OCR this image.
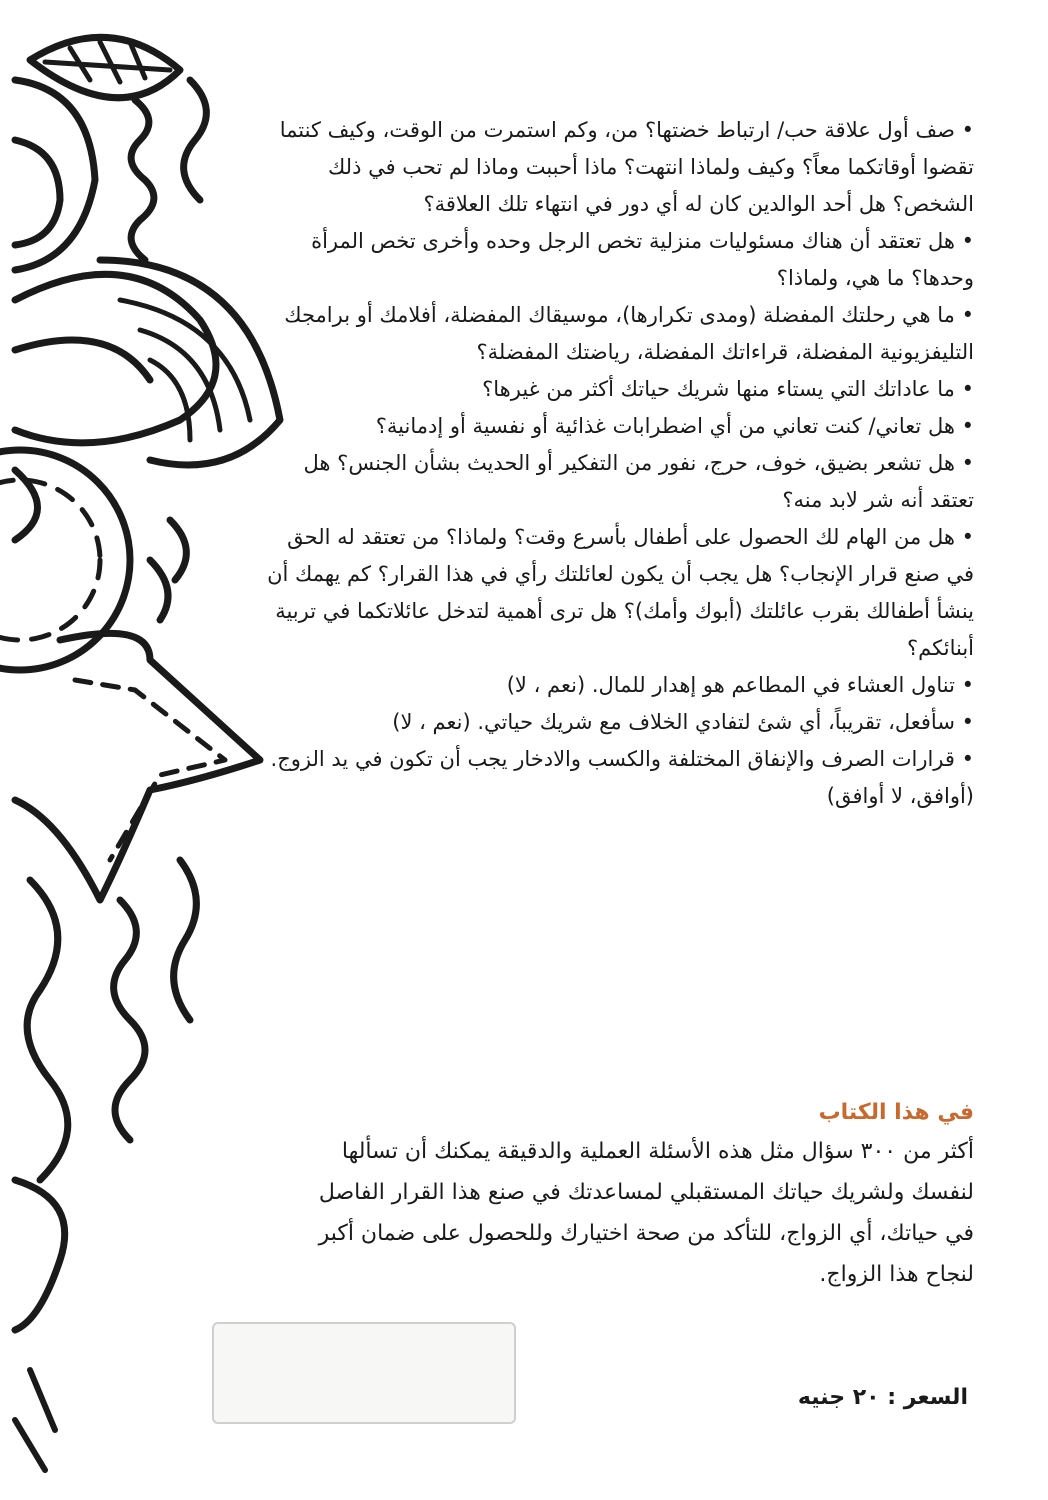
• صف أول علاقة حب/ ارتباط خضتها؟ من، وكم استمرت من الوقت، وكيف كنتما تقضوا أوقاتكما معاً؟ وكيف ولماذا انتهت؟ ماذا أحببت وماذا لم تحب في ذلك الشخص؟ هل أحد الوالدين كان له أي دور في انتهاء تلك العلاقة؟

• هل تعتقد أن هناك مسئوليات منزلية تخص الرجل وحده وأخرى تخص المرأة وحدها؟ ما هي، ولماذا؟

• ما هي رحلتك المفضلة (ومدى تكرارها)، موسيقاك المفضلة، أفلامك أو برامجك التليفزيونية المفضلة، قراءاتك المفضلة، رياضتك المفضلة؟

• ما عاداتك التي يستاء منها شريك حياتك أكثر من غيرها؟

• هل تعاني/ كنت تعاني من أي اضطرابات غذائية أو نفسية أو إدمانية؟

• هل تشعر بضيق، خوف، حرج، نفور من التفكير أو الحديث بشأن الجنس؟ هل تعتقد أنه شر لابد منه؟

• هل من الهام لك الحصول على أطفال بأسرع وقت؟ ولماذا؟ من تعتقد له الحق في صنع قرار الإنجاب؟ هل يجب أن يكون لعائلتك رأي في هذا القرار؟ كم يهمك أن ينشأ أطفالك بقرب عائلتك (أبوك وأمك)؟ هل ترى أهمية لتدخل عائلاتكما في تربية أبنائكم؟

• تناول العشاء في المطاعم هو إهدار للمال. (نعم ، لا)

• سأفعل، تقريباً، أي شئ لتفادي الخلاف مع شريك حياتي. (نعم ، لا)

• قرارات الصرف والإنفاق المختلفة والكسب والادخار يجب أن تكون في يد الزوج. (أوافق، لا أوافق)

في هذا الكتاب

أكثر من ٣٠٠ سؤال مثل هذه الأسئلة العملية والدقيقة يمكنك أن تسألها لنفسك ولشريك حياتك المستقبلي لمساعدتك في صنع هذا القرار الفاصل في حياتك، أي الزواج، للتأكد من صحة اختيارك وللحصول على ضمان أكبر لنجاح هذا الزواج.

السعر : ٢٠ جنيه
